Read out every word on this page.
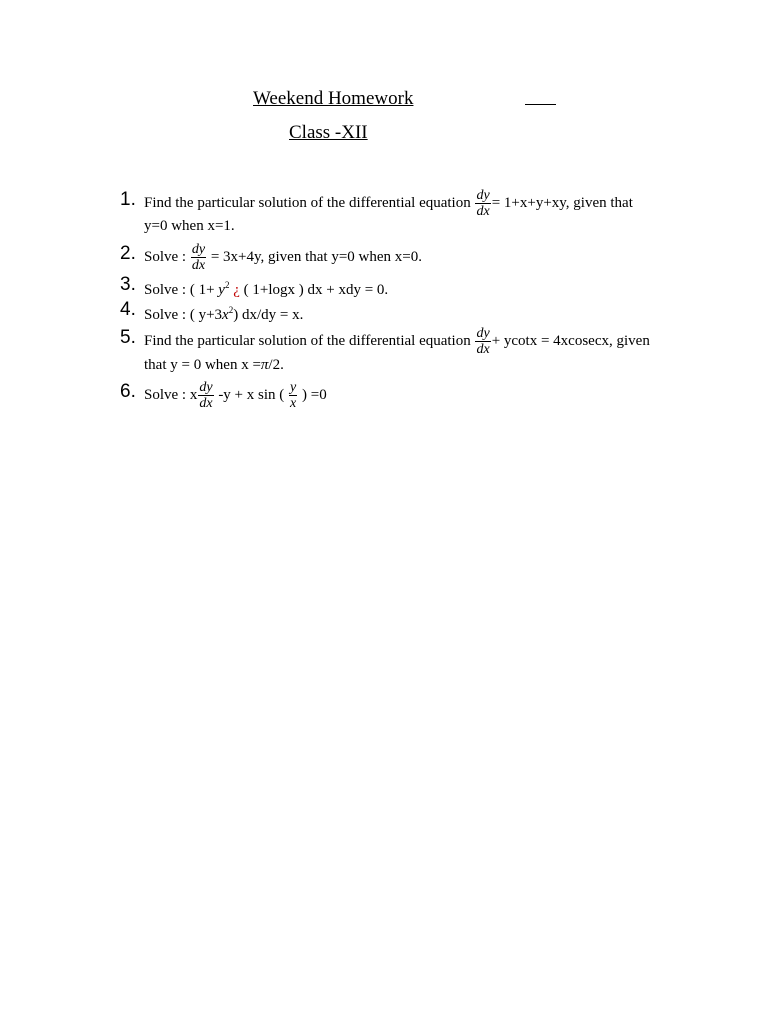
Weekend Homework
Class -XII
1. Find the particular solution of the differential equation $\frac{dy}{dx} = 1+x+y+xy$, given that
y=0 when x=1.
2. Solve : $\frac{dy}{dx} = 3x+4y$, given that y=0 when x=0.
3. Solve : ( $1+ y^2$ ¿ ( 1+logx ) dx + xdy = 0.
4. Solve : ( $y+3x^2$) dx/dy = x.
5. Find the particular solution of the differential equation $\frac{dy}{dx} + ycotx = 4xcosecx$, given
that y = 0 when x =π/2.
6. Solve : x $\frac{dy}{dx} -y + x$ sin ( $\frac{y}{x}$ ) =0
